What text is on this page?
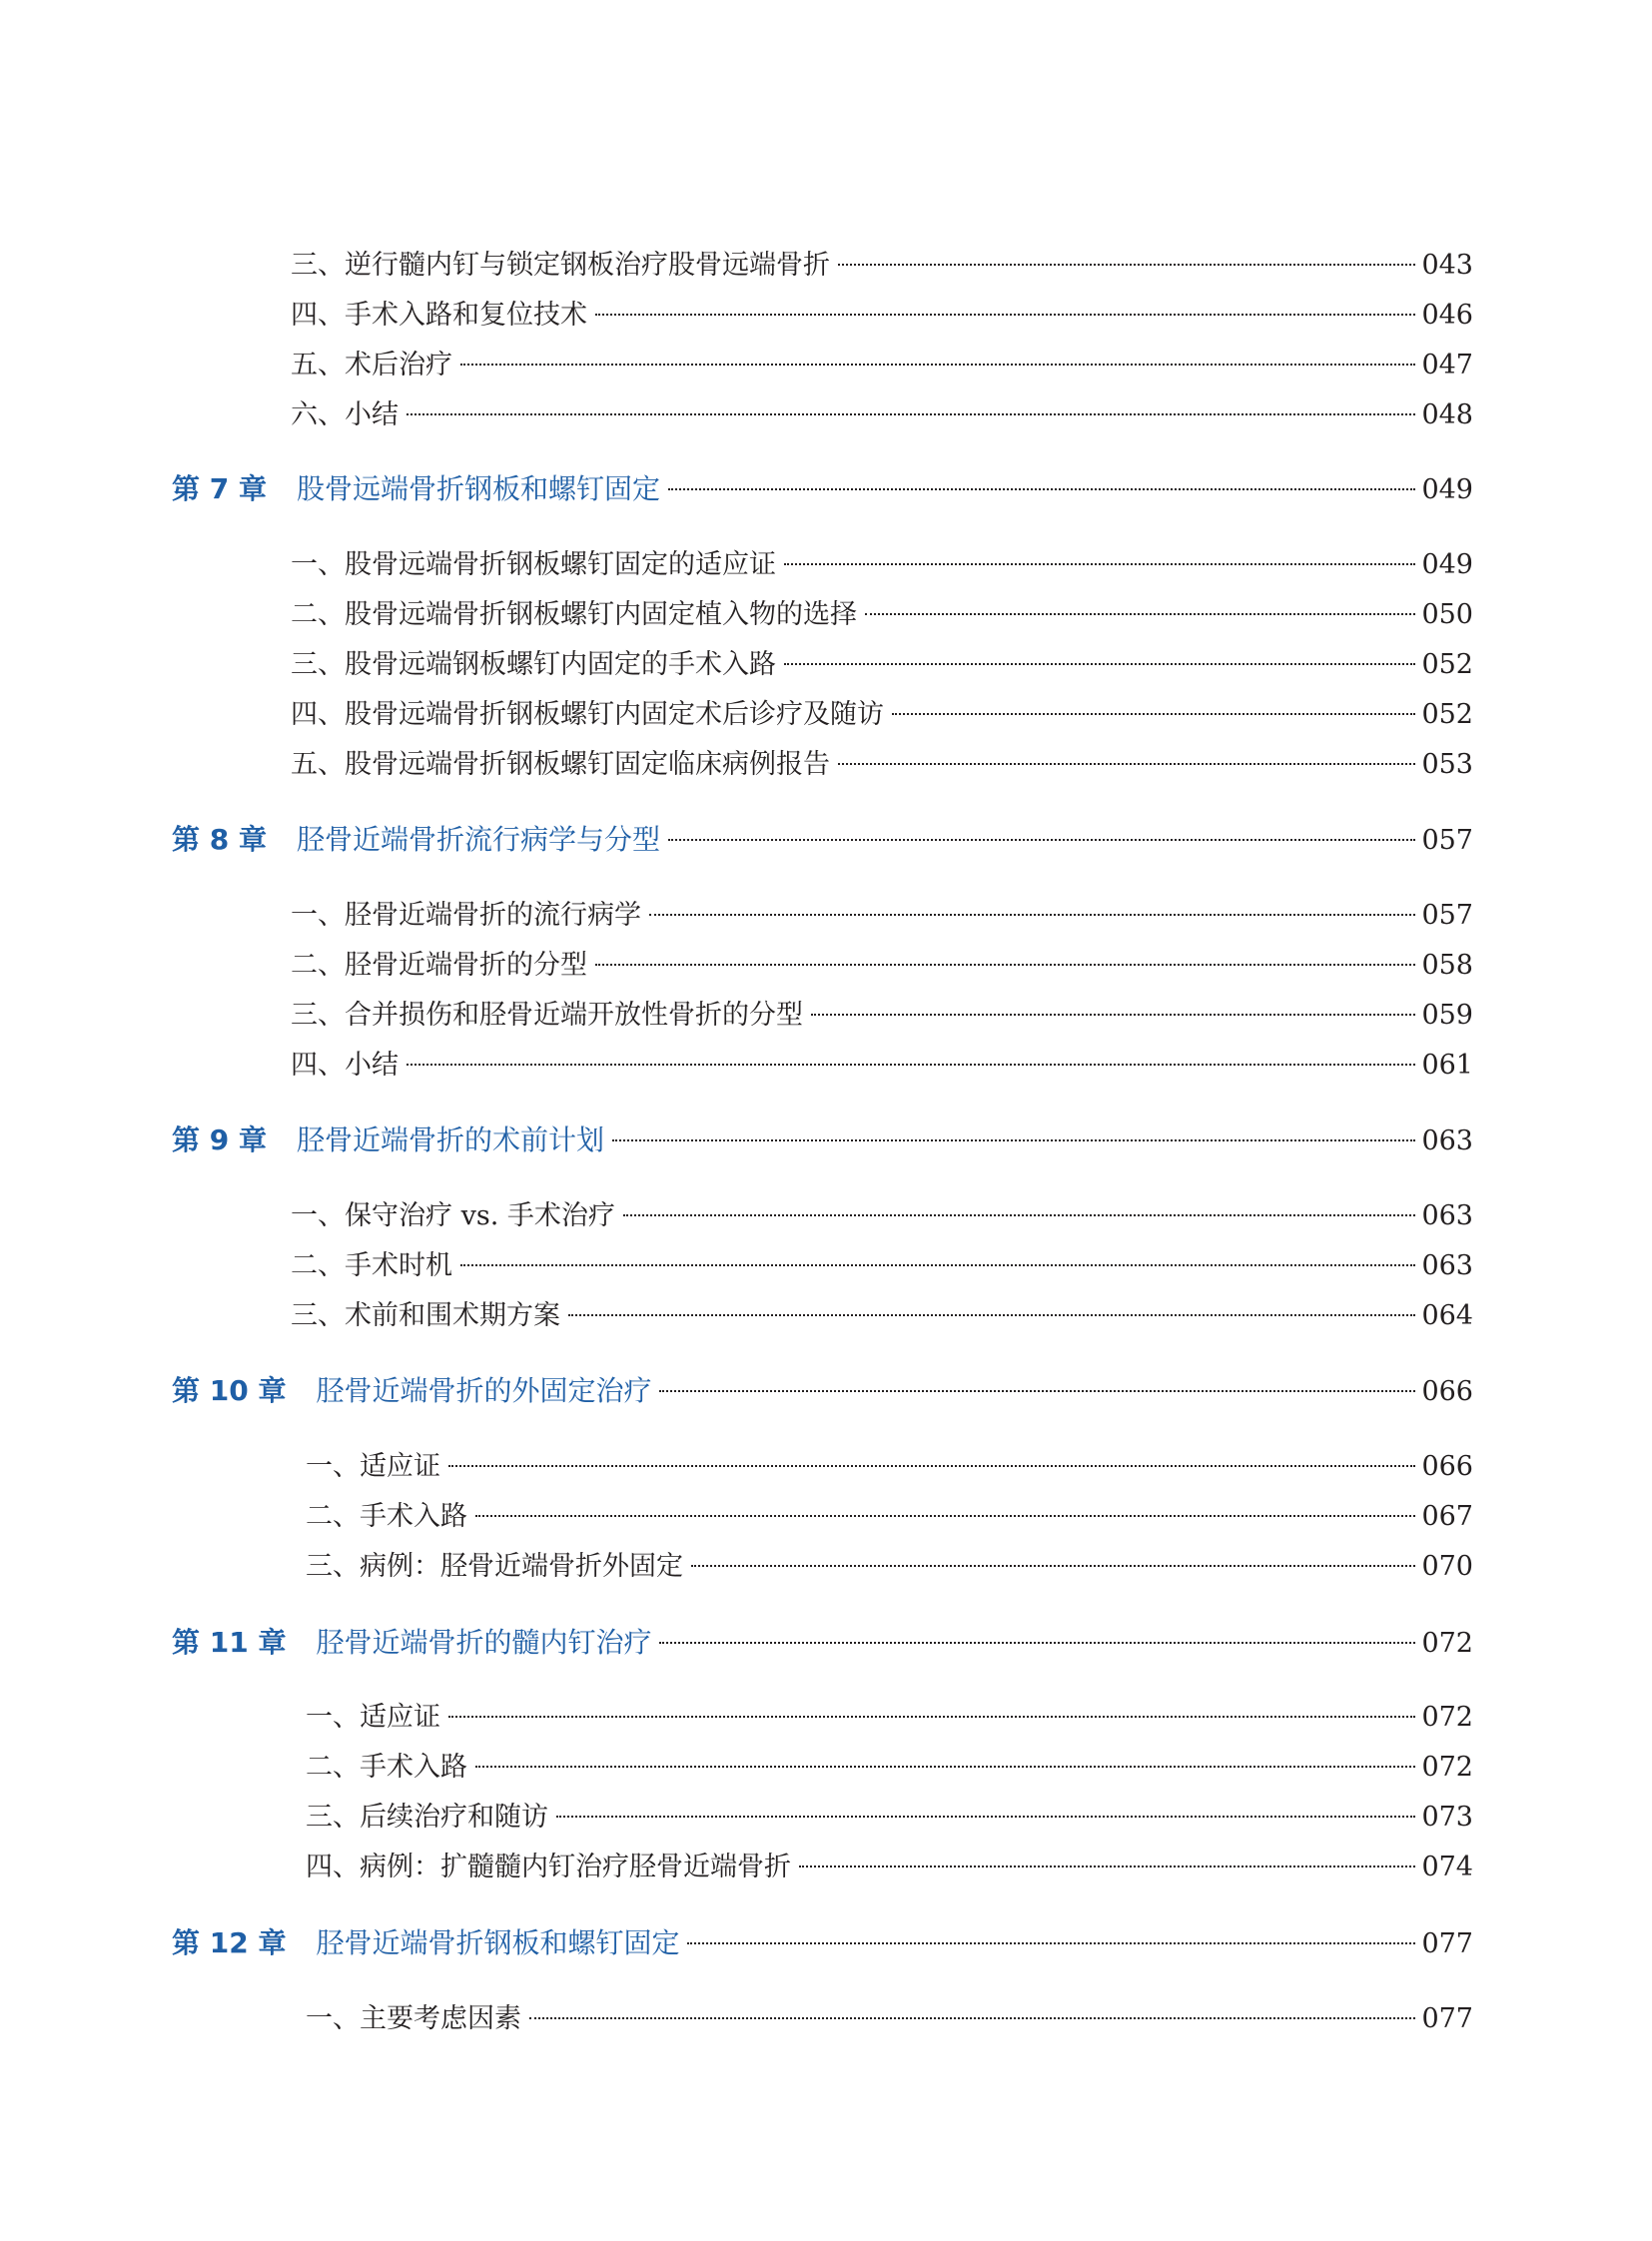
三、逆行髓内钉与锁定钢板治疗股骨远端骨折	043
四、手术入路和复位技术	046
五、术后治疗	047
六、小结	048
第 7 章 股骨远端骨折钢板和螺钉固定	049
一、股骨远端骨折钢板螺钉固定的适应证	049
二、股骨远端骨折钢板螺钉内固定植入物的选择	050
三、股骨远端钢板螺钉内固定的手术入路	052
四、股骨远端骨折钢板螺钉内固定术后诊疗及随访	052
五、股骨远端骨折钢板螺钉固定临床病例报告	053
第 8 章 胫骨近端骨折流行病学与分型	057
一、胫骨近端骨折的流行病学	057
二、胫骨近端骨折的分型	058
三、合并损伤和胫骨近端开放性骨折的分型	059
四、小结	061
第 9 章 胫骨近端骨折的术前计划	063
一、保守治疗 vs. 手术治疗	063
二、手术时机	063
三、术前和围术期方案	064
第 10 章 胫骨近端骨折的外固定治疗	066
一、适应证	066
二、手术入路	067
三、病例：胫骨近端骨折外固定	070
第 11 章 胫骨近端骨折的髓内钉治疗	072
一、适应证	072
二、手术入路	072
三、后续治疗和随访	073
四、病例：扩髓髓内钉治疗胫骨近端骨折	074
第 12 章 胫骨近端骨折钢板和螺钉固定	077
一、主要考虑因素	077
